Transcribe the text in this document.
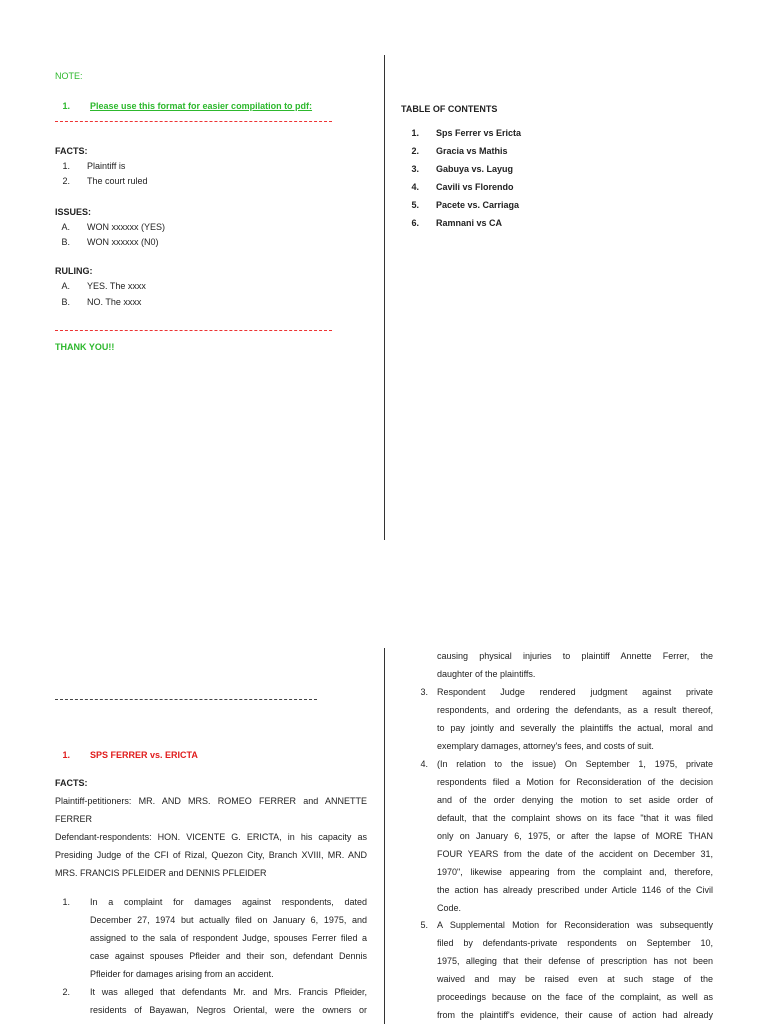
NOTE:
1. Please use this format for easier compilation to pdf:
FACTS:
1. Plaintiff is
2. The court ruled
ISSUES:
A. WON xxxxxx (YES)
B. WON xxxxxx (N0)
RULING:
A. YES. The xxxx
B. NO. The xxxx
THANK YOU!!
TABLE OF CONTENTS
1. Sps Ferrer vs Ericta
2. Gracia vs Mathis
3. Gabuya vs. Layug
4. Cavili vs Florendo
5. Pacete vs. Carriaga
6. Ramnani vs CA
1. SPS FERRER vs. ERICTA
FACTS:
Plaintiff-petitioners: MR. AND MRS. ROMEO FERRER and ANNETTE
FERRER
Defendant-respondents: HON. VICENTE G. ERICTA, in his capacity as
Presiding Judge of the CFI of Rizal, Quezon City, Branch XVIII, MR. AND
MRS. FRANCIS PFLEIDER and DENNIS PFLEIDER
1. In a complaint for damages against respondents, dated
December 27, 1974 but actually filed on January 6, 1975, and
assigned to the sala of respondent Judge, spouses Ferrer filed a
case against spouses Pfleider and their son, defendant Dennis
Pfleider for damages arising from an accident.
2. It was alleged that defendants Mr. and Mrs. Francis Pfleider,
residents of Bayawan, Negros Oriental, were the owners or
causing physical injuries to plaintiff Annette Ferrer, the
daughter of the plaintiffs.
3. Respondent Judge rendered judgment against private
respondents, and ordering the defendants, as a result thereof,
to pay jointly and severally the plaintiffs the actual, moral and
exemplary damages, attorney's fees, and costs of suit.
4. (In relation to the issue) On September 1, 1975, private
respondents filed a Motion for Reconsideration of the decision
and of the order denying the motion to set aside order of
default, that the complaint shows on its face "that it was filed
only on January 6, 1975, or after the lapse of MORE THAN
FOUR YEARS from the date of the accident on December 31,
1970", likewise appearing from the complaint and, therefore,
the action has already prescribed under Article 1146 of the Civil
Code.
5. A Supplemental Motion for Reconsideration was subsequently
filed by defendants-private respondents on September 10,
1975, alleging that their defense of prescription has not been
waived and may be raised even at such stage of the
proceedings because on the face of the complaint, as well as
from the plaintiff's evidence, their cause of action had already
